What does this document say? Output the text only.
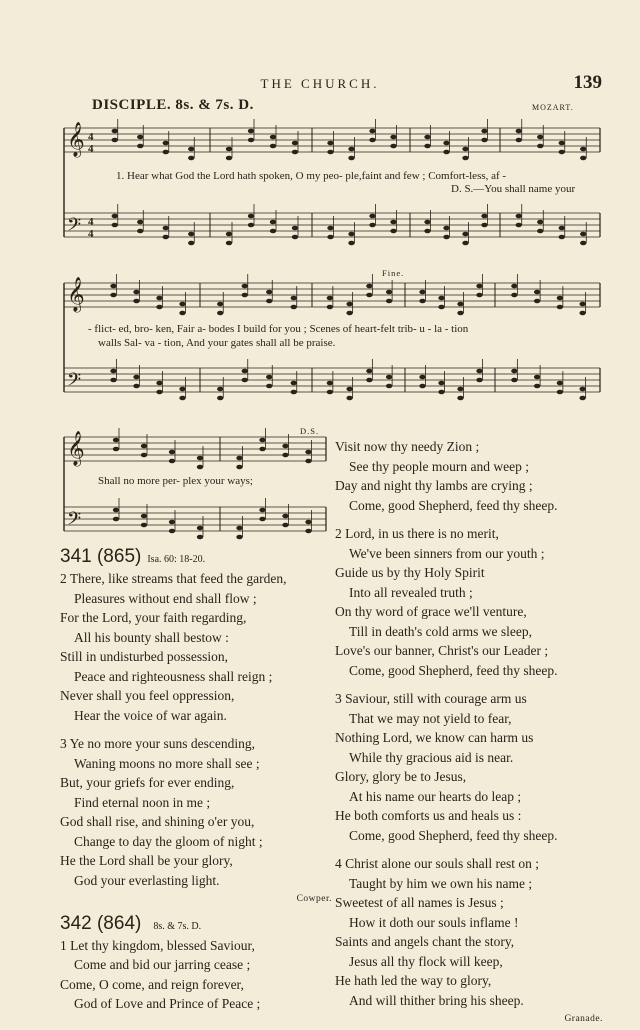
THE CHURCH.	139
DISCIPLE. 8s. & 7s. D.	MOZART.
𝄞
𝄢
4
4
4
4
𝄞
𝄢
𝄞
𝄢
1. Hear what God the Lord hath spoken, O my peo- ple,faint and few ; Comfort-less, af -
D. S.—You shall name your
Fine.
- flict- ed, bro- ken, Fair a- bodes I build for you ; Scenes of heart-felt trib- u - la - tion
walls Sal- va - tion, And your gates shall all be praise.
D.S.
Shall no more per- plex your ways;
341 (865) Isa. 60: 18-20.
2 There, like streams that feed the garden,
Pleasures without end shall flow ;
For the Lord, your faith regarding,
All his bounty shall bestow :
Still in undisturbed possession,
Peace and righteousness shall reign ;
Never shall you feel oppression,
Hear the voice of war again.
3 Ye no more your suns descending,
Waning moons no more shall see ;
But, your griefs for ever ending,
Find eternal noon in me ;
God shall rise, and shining o'er you,
Change to day the gloom of night ;
He the Lord shall be your glory,
God your everlasting light.
Cowper.
342 (864) 8s. & 7s. D.
1 Let thy kingdom, blessed Saviour,
Come and bid our jarring cease ;
Come, O come, and reign forever,
God of Love and Prince of Peace ;
Visit now thy needy Zion ;
See thy people mourn and weep ;
Day and night thy lambs are crying ;
Come, good Shepherd, feed thy sheep.
2 Lord, in us there is no merit,
We've been sinners from our youth ;
Guide us by thy Holy Spirit
Into all revealed truth ;
On thy word of grace we'll venture,
Till in death's cold arms we sleep,
Love's our banner, Christ's our Leader ;
Come, good Shepherd, feed thy sheep.
3 Saviour, still with courage arm us
That we may not yield to fear,
Nothing Lord, we know can harm us
While thy gracious aid is near.
Glory, glory be to Jesus,
At his name our hearts do leap ;
He both comforts us and heals us :
Come, good Shepherd, feed thy sheep.
4 Christ alone our souls shall rest on ;
Taught by him we own his name ;
Sweetest of all names is Jesus ;
How it doth our souls inflame !
Saints and angels chant the story,
Jesus all thy flock will keep,
He hath led the way to glory,
And will thither bring his sheep.
Granade.
